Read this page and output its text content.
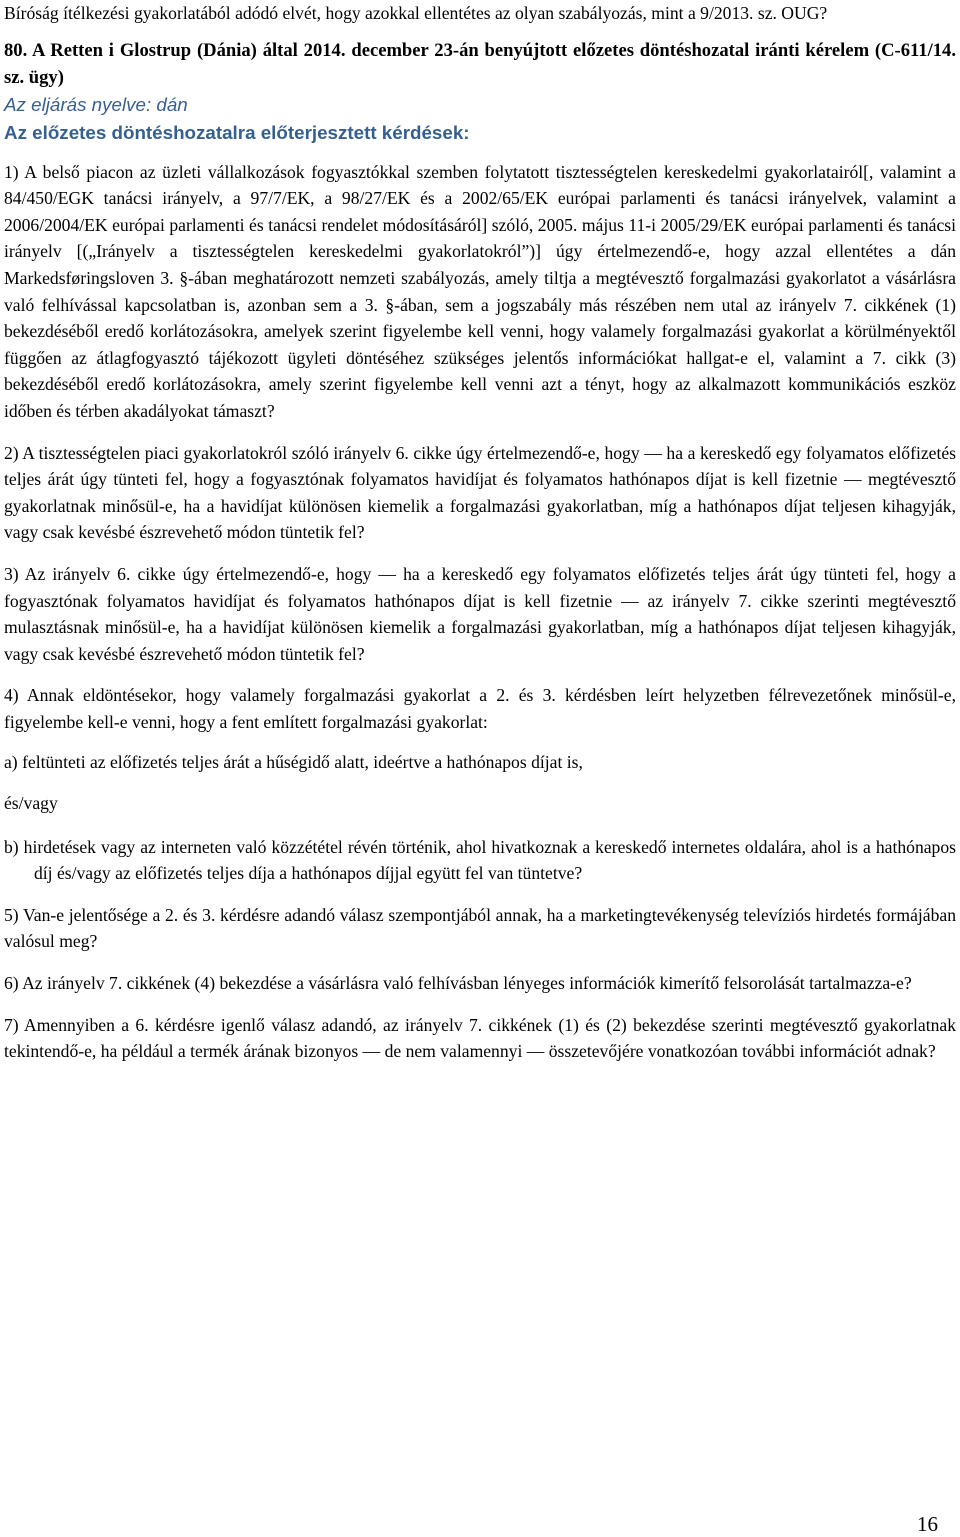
Bíróság ítélkezési gyakorlatából adódó elvét, hogy azokkal ellentétes az olyan szabályozás, mint a 9/2013. sz. OUG?

80. A Retten i Glostrup (Dánia) által 2014. december 23-án benyújtott előzetes döntéshozatal iránti kérelem (C-611/14. sz. ügy)

Az eljárás nyelve: dán

Az előzetes döntéshozatalra előterjesztett kérdések:

1) A belső piacon az üzleti vállalkozások fogyasztókkal szemben folytatott tisztességtelen kereskedelmi gyakorlatairól[, valamint a 84/450/EGK tanácsi irányelv, a 97/7/EK, a 98/27/EK és a 2002/65/EK európai parlamenti és tanácsi irányelvek, valamint a 2006/2004/EK európai parlamenti és tanácsi rendelet módosításáról] szóló, 2005. május 11-i 2005/29/EK európai parlamenti és tanácsi irányelv [(„Irányelv a tisztességtelen kereskedelmi gyakorlatokról”)] úgy értelmezendő-e, hogy azzal ellentétes a dán Markedsføringsloven 3. §-ában meghatározott nemzeti szabályozás, amely tiltja a megtévesztő forgalmazási gyakorlatot a vásárlásra való felhívással kapcsolatban is, azonban sem a 3. §-ában, sem a jogszabály más részében nem utal az irányelv 7. cikkének (1) bekezdéséből eredő korlátozásokra, amelyek szerint figyelembe kell venni, hogy valamely forgalmazási gyakorlat a körülményektől függően az átlagfogyasztó tájékozott ügyleti döntéséhez szükséges jelentős információkat hallgat-e el, valamint a 7. cikk (3) bekezdéséből eredő korlátozásokra, amely szerint figyelembe kell venni azt a tényt, hogy az alkalmazott kommunikációs eszköz időben és térben akadályokat támaszt?

2) A tisztességtelen piaci gyakorlatokról szóló irányelv 6. cikke úgy értelmezendő-e, hogy ― ha a kereskedő egy folyamatos előfizetés teljes árát úgy tünteti fel, hogy a fogyasztónak folyamatos havidíjat és folyamatos hathónapos díjat is kell fizetnie ― megtévesztő gyakorlatnak minősül-e, ha a havidíjat különösen kiemelik a forgalmazási gyakorlatban, míg a hathónapos díjat teljesen kihagyják, vagy csak kevésbé észrevehető módon tüntetik fel?

3) Az irányelv 6. cikke úgy értelmezendő-e, hogy ― ha a kereskedő egy folyamatos előfizetés teljes árát úgy tünteti fel, hogy a fogyasztónak folyamatos havidíjat és folyamatos hathónapos díjat is kell fizetnie ― az irányelv 7. cikke szerinti megtévesztő mulasztásnak minősül-e, ha a havidíjat különösen kiemelik a forgalmazási gyakorlatban, míg a hathónapos díjat teljesen kihagyják, vagy csak kevésbé észrevehető módon tüntetik fel?

4) Annak eldöntésekor, hogy valamely forgalmazási gyakorlat a 2. és 3. kérdésben leírt helyzetben félrevezetőnek minősül-e, figyelembe kell-e venni, hogy a fent említett forgalmazási gyakorlat:

a) feltünteti az előfizetés teljes árát a hűségidő alatt, ideértve a hathónapos díjat is,

és/vagy

b) hirdetések vagy az interneten való közzététel révén történik, ahol hivatkoznak a kereskedő internetes oldalára, ahol is a hathónapos díj és/vagy az előfizetés teljes díja a hathónapos díjjal együtt fel van tüntetve?

5) Van-e jelentősége a 2. és 3. kérdésre adandó válasz szempontjából annak, ha a marketingtevékenység televíziós hirdetés formájában valósul meg?

6) Az irányelv 7. cikkének (4) bekezdése a vásárlásra való felhívásban lényeges információk kimerítő felsorolását tartalmazza-e?

7) Amennyiben a 6. kérdésre igenlő válasz adandó, az irányelv 7. cikkének (1) és (2) bekezdése szerinti megtévesztő gyakorlatnak tekintendő-e, ha például a termék árának bizonyos ― de nem valamennyi ― összetevőjére vonatkozóan további információt adnak?

16
